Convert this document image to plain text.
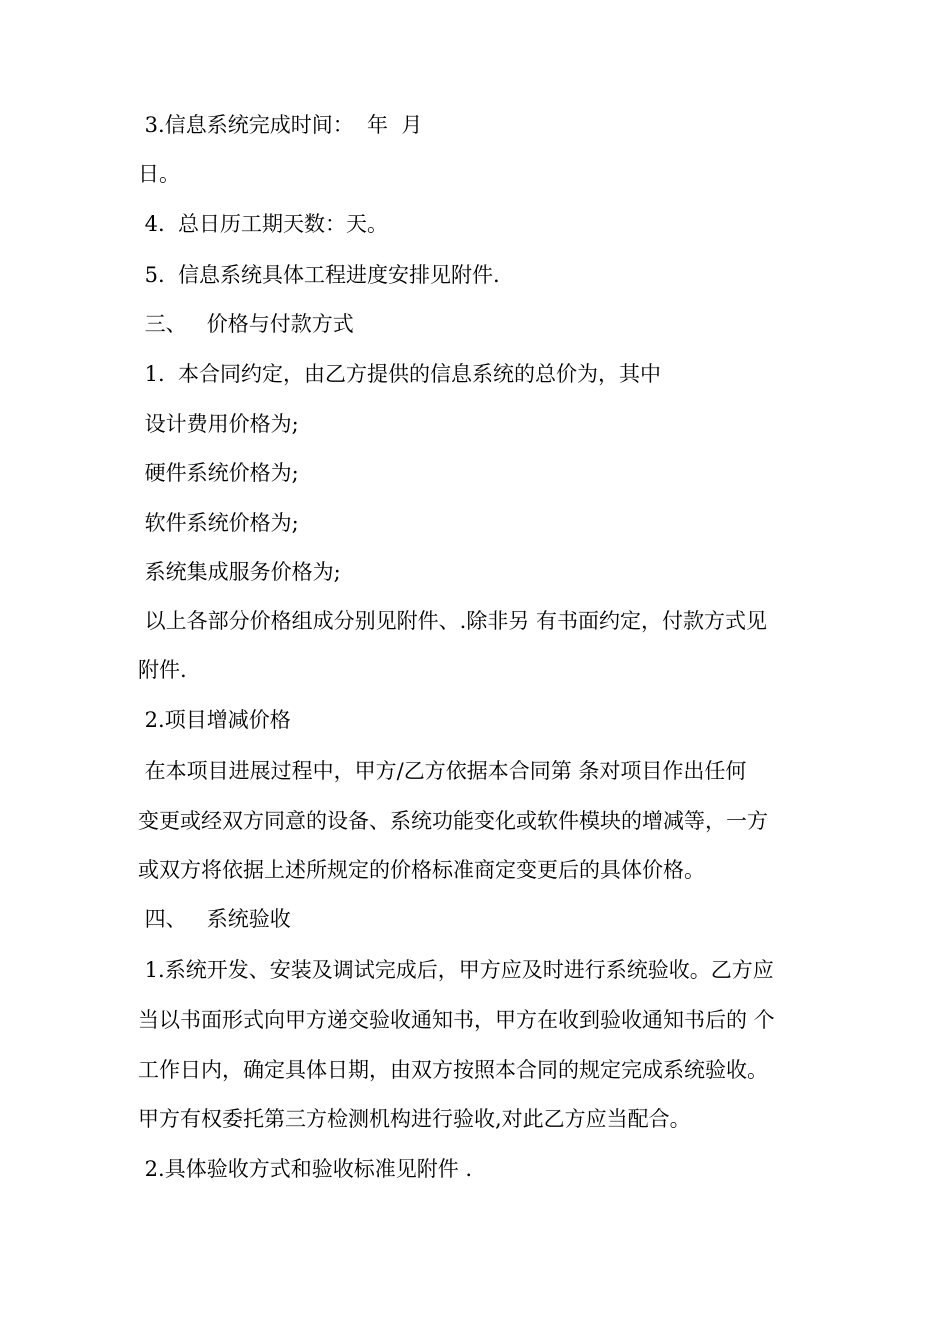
3.信息系统完成时间：  年  月
日。
4.  总日历工期天数：天。
5.  信息系统具体工程进度安排见附件.
三、   价格与付款方式
1.  本合同约定，由乙方提供的信息系统的总价为，其中
设计费用价格为;
硬件系统价格为;
软件系统价格为;
系统集成服务价格为;
以上各部分价格组成分别见附件、.除非另 有书面约定，付款方式见
附件.
2.项目增减价格
在本项目进展过程中，甲方/乙方依据本合同第 条对项目作出任何
变更或经双方同意的设备、系统功能变化或软件模块的增减等，一方
或双方将依据上述所规定的价格标准商定变更后的具体价格。
四、   系统验收
1.系统开发、安装及调试完成后，甲方应及时进行系统验收。乙方应
当以书面形式向甲方递交验收通知书，甲方在收到验收通知书后的 个
工作日内，确定具体日期，由双方按照本合同的规定完成系统验收。
甲方有权委托第三方检测机构进行验收,对此乙方应当配合。
2.具体验收方式和验收标准见附件 .
